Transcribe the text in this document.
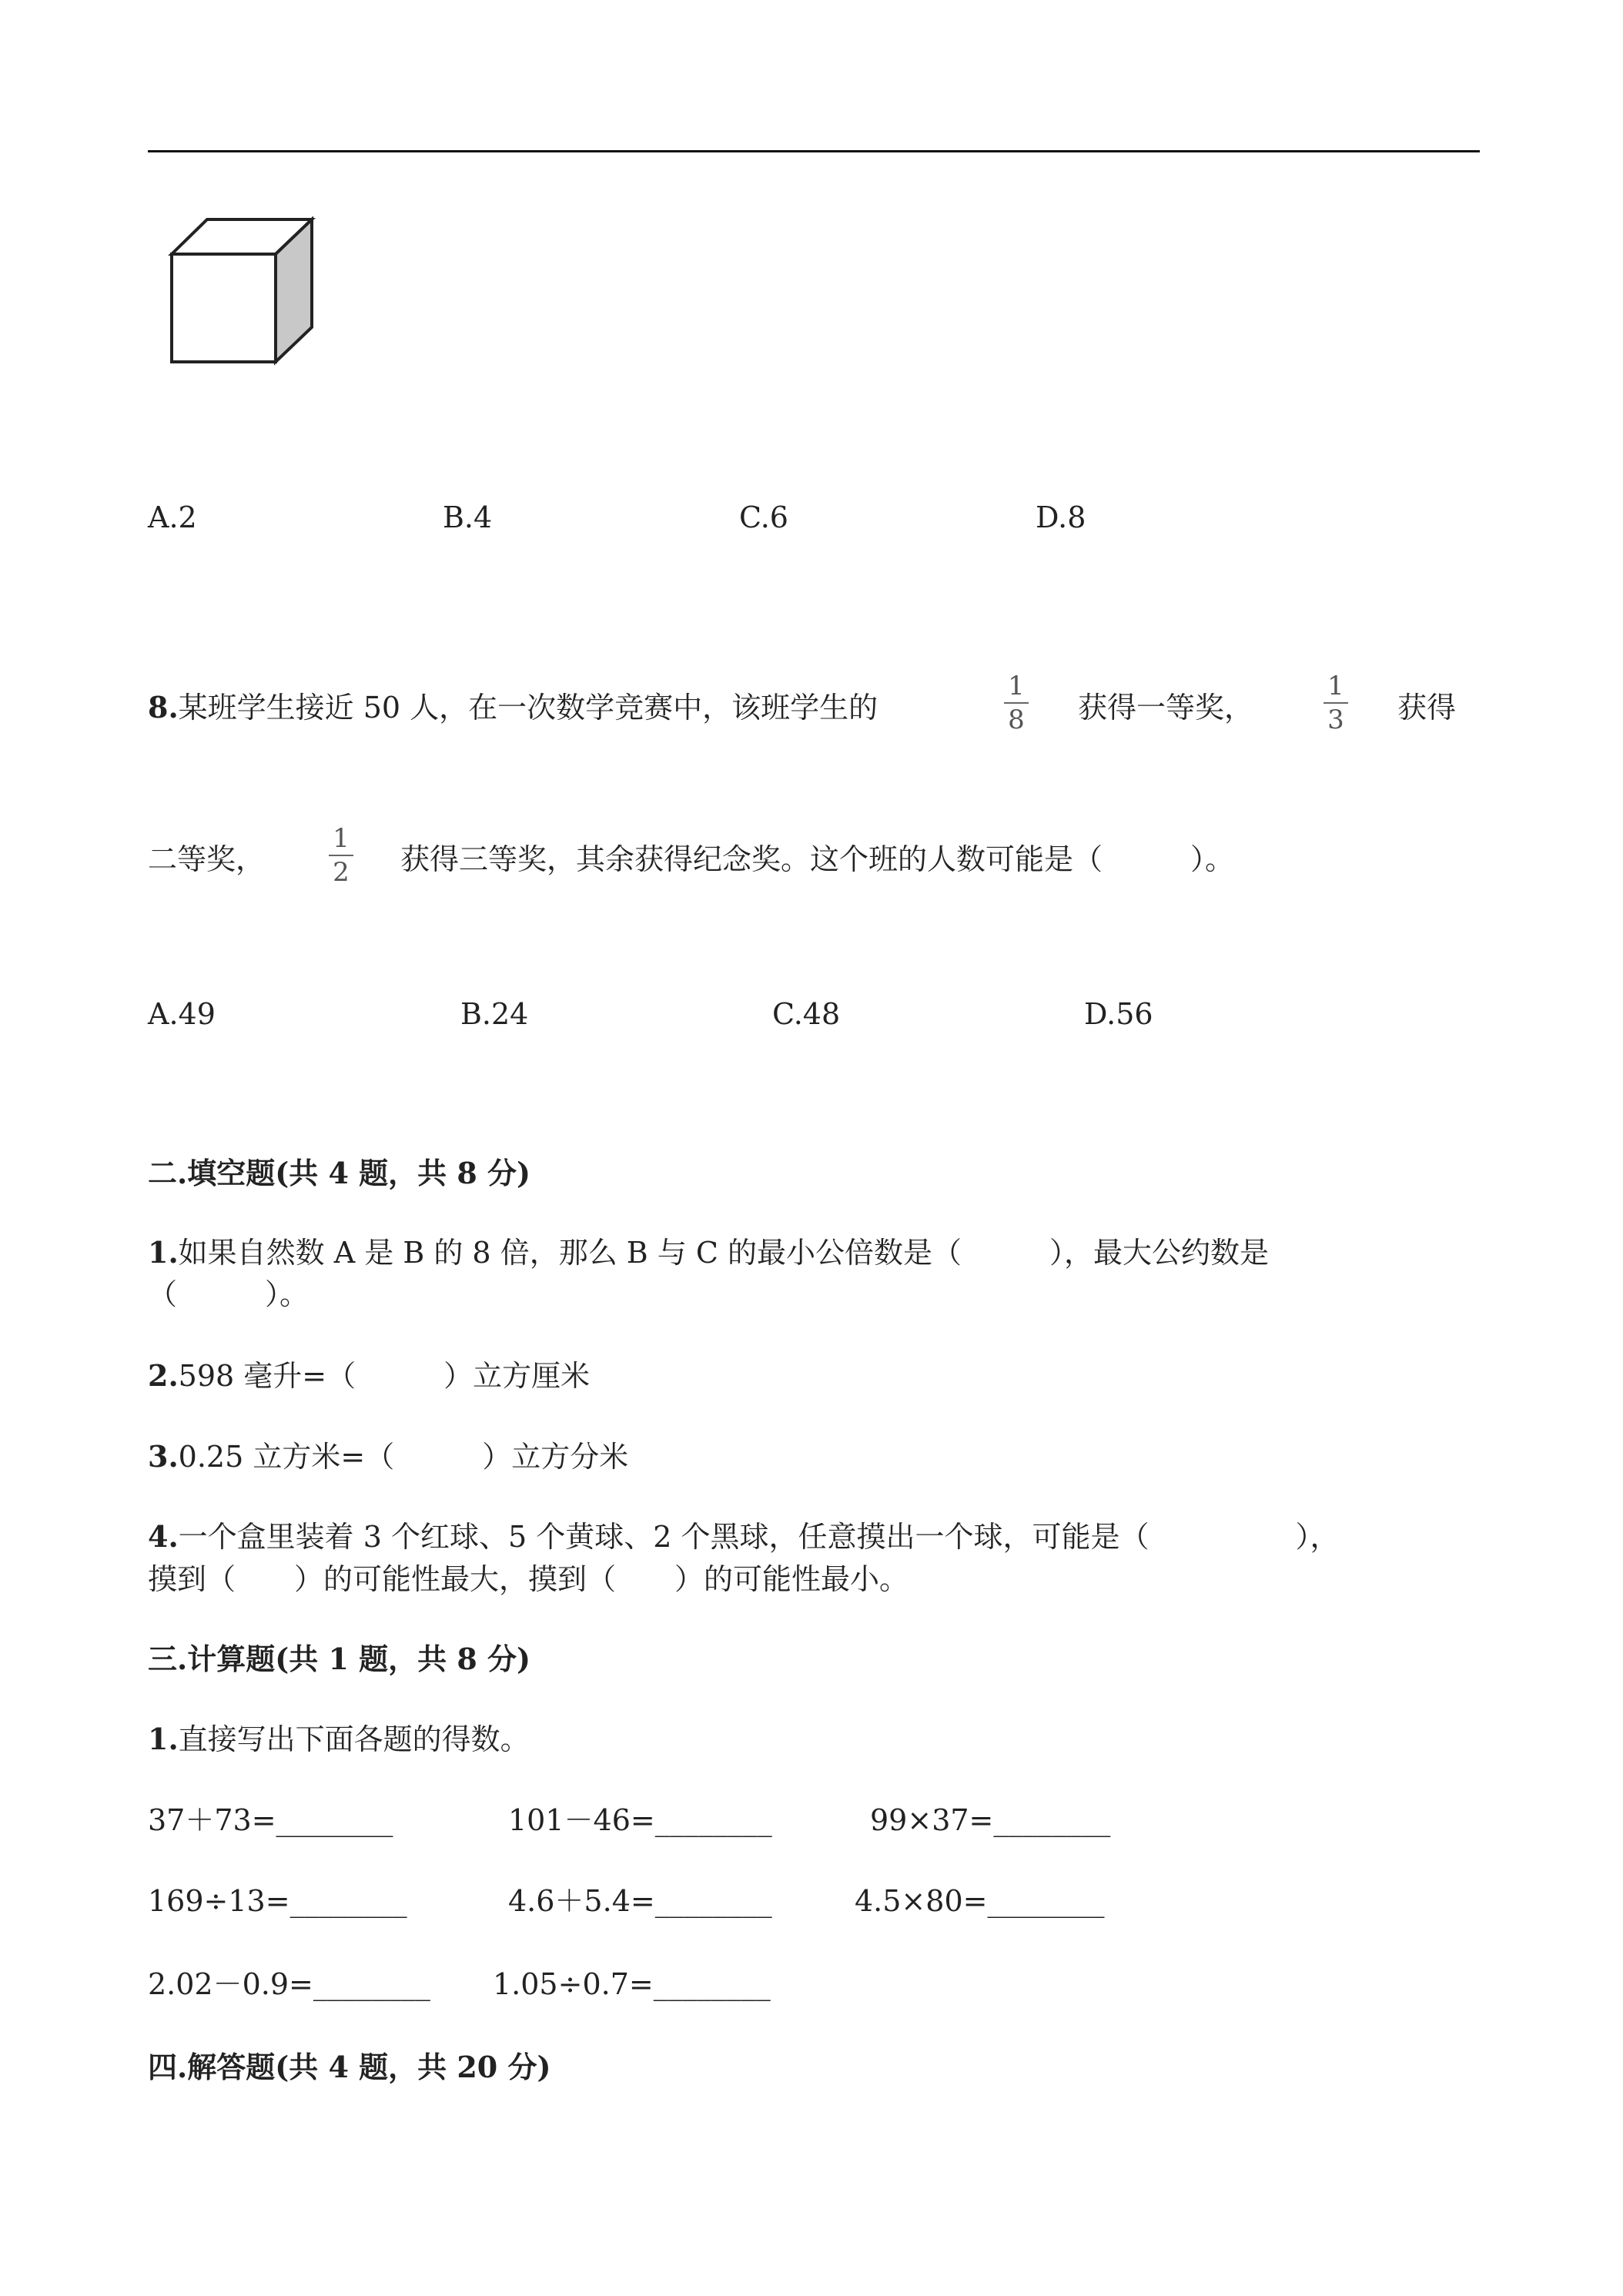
A.2	B.4	C.6	D.8
8.某班学生接近 50 人，在一次数学竞赛中，该班学生的
1
8 获得一等奖，
1
3 获得
二等奖，
1
2 获得三等奖，其余获得纪念奖。这个班的人数可能是（　　　）。
A.49	B.24	C.48	D.56
二.填空题(共 4 题，共 8 分)
1.如果自然数 A 是 B 的 8 倍，那么 B 与 C 的最小公倍数是（　　　），最大公约数是
（　　　）。
2.598 毫升=（　　　）立方厘米
3.0.25 立方米=（　　　）立方分米
4.一个盒里装着 3 个红球、5 个黄球、2 个黑球，任意摸出一个球，可能是（　　　　　），
摸到（　　）的可能性最大，摸到（　　）的可能性最小。
三.计算题(共 1 题，共 8 分)
1.直接写出下面各题的得数。
37＋73=________	101－46=________	99×37=________
169÷13=________	4.6＋5.4=________	4.5×80=________
2.02－0.9=________ 1.05÷0.7=________
四.解答题(共 4 题，共 20 分)
